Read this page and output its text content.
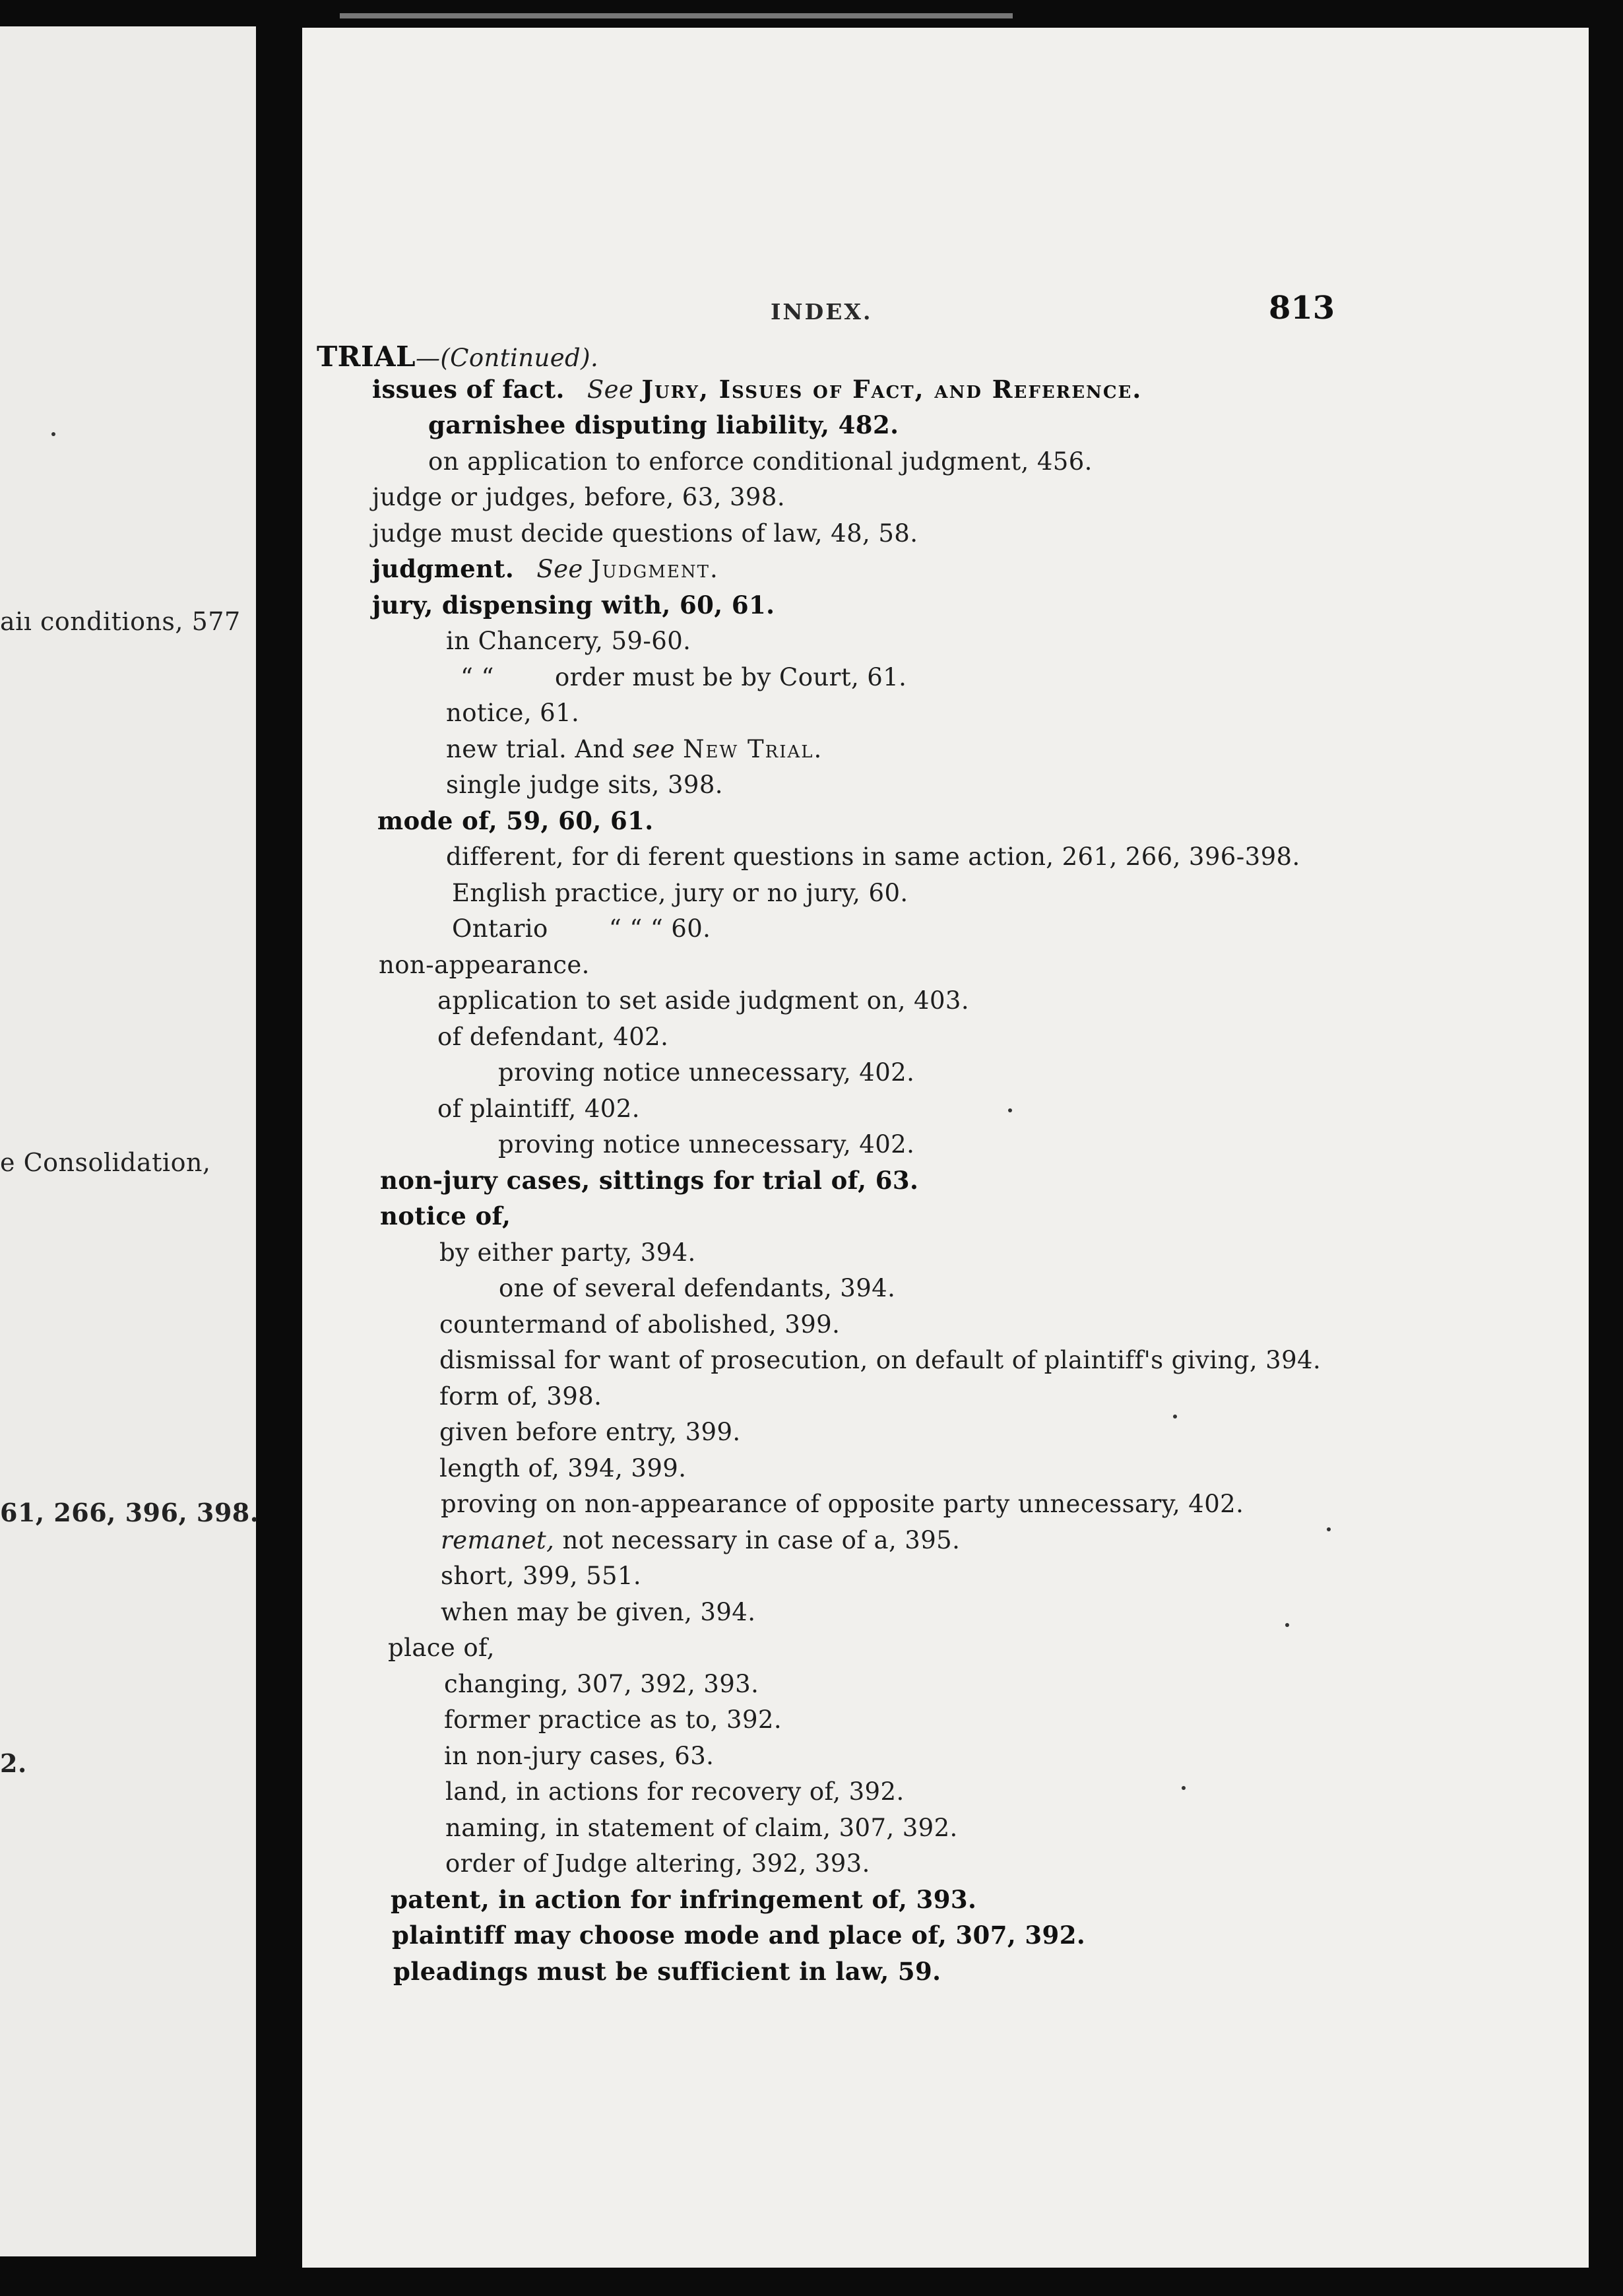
aiı conditions, 577
e Consolidation,
61, 266, 396, 398.
2.
INDEX.	813
TRIAL—(Continued).
issues of fact. See Jury, Issues of Fact, and Reference.
garnishee disputing liability, 482.
on application to enforce conditional judgment, 456.
judge or judges, before, 63, 398.
judge must decide questions of law, 48, 58.
judgment. See Judgment.
jury, dispensing with, 60, 61.
in Chancery, 59-60.
“ “ order must be by Court, 61.
notice, 61.
new trial. And see New Trial.
single judge sits, 398.
mode of, 59, 60, 61.
different, for di ferent questions in same action, 261, 266, 396-398.
English practice, jury or no jury, 60.
Ontario “ “ “ 60.
non-appearance.
application to set aside judgment on, 403.
of defendant, 402.
proving notice unnecessary, 402.
of plaintiff, 402.
proving notice unnecessary, 402.
non-jury cases, sittings for trial of, 63.
notice of,
by either party, 394.
one of several defendants, 394.
countermand of abolished, 399.
dismissal for want of prosecution, on default of plaintiff's giving, 394.
form of, 398.
given before entry, 399.
length of, 394, 399.
proving on non-appearance of opposite party unnecessary, 402.
remanet, not necessary in case of a, 395.
short, 399, 551.
when may be given, 394.
place of,
changing, 307, 392, 393.
former practice as to, 392.
in non-jury cases, 63.
land, in actions for recovery of, 392.
naming, in statement of claim, 307, 392.
order of Judge altering, 392, 393.
patent, in action for infringement of, 393.
plaintiff may choose mode and place of, 307, 392.
pleadings must be sufficient in law, 59.
